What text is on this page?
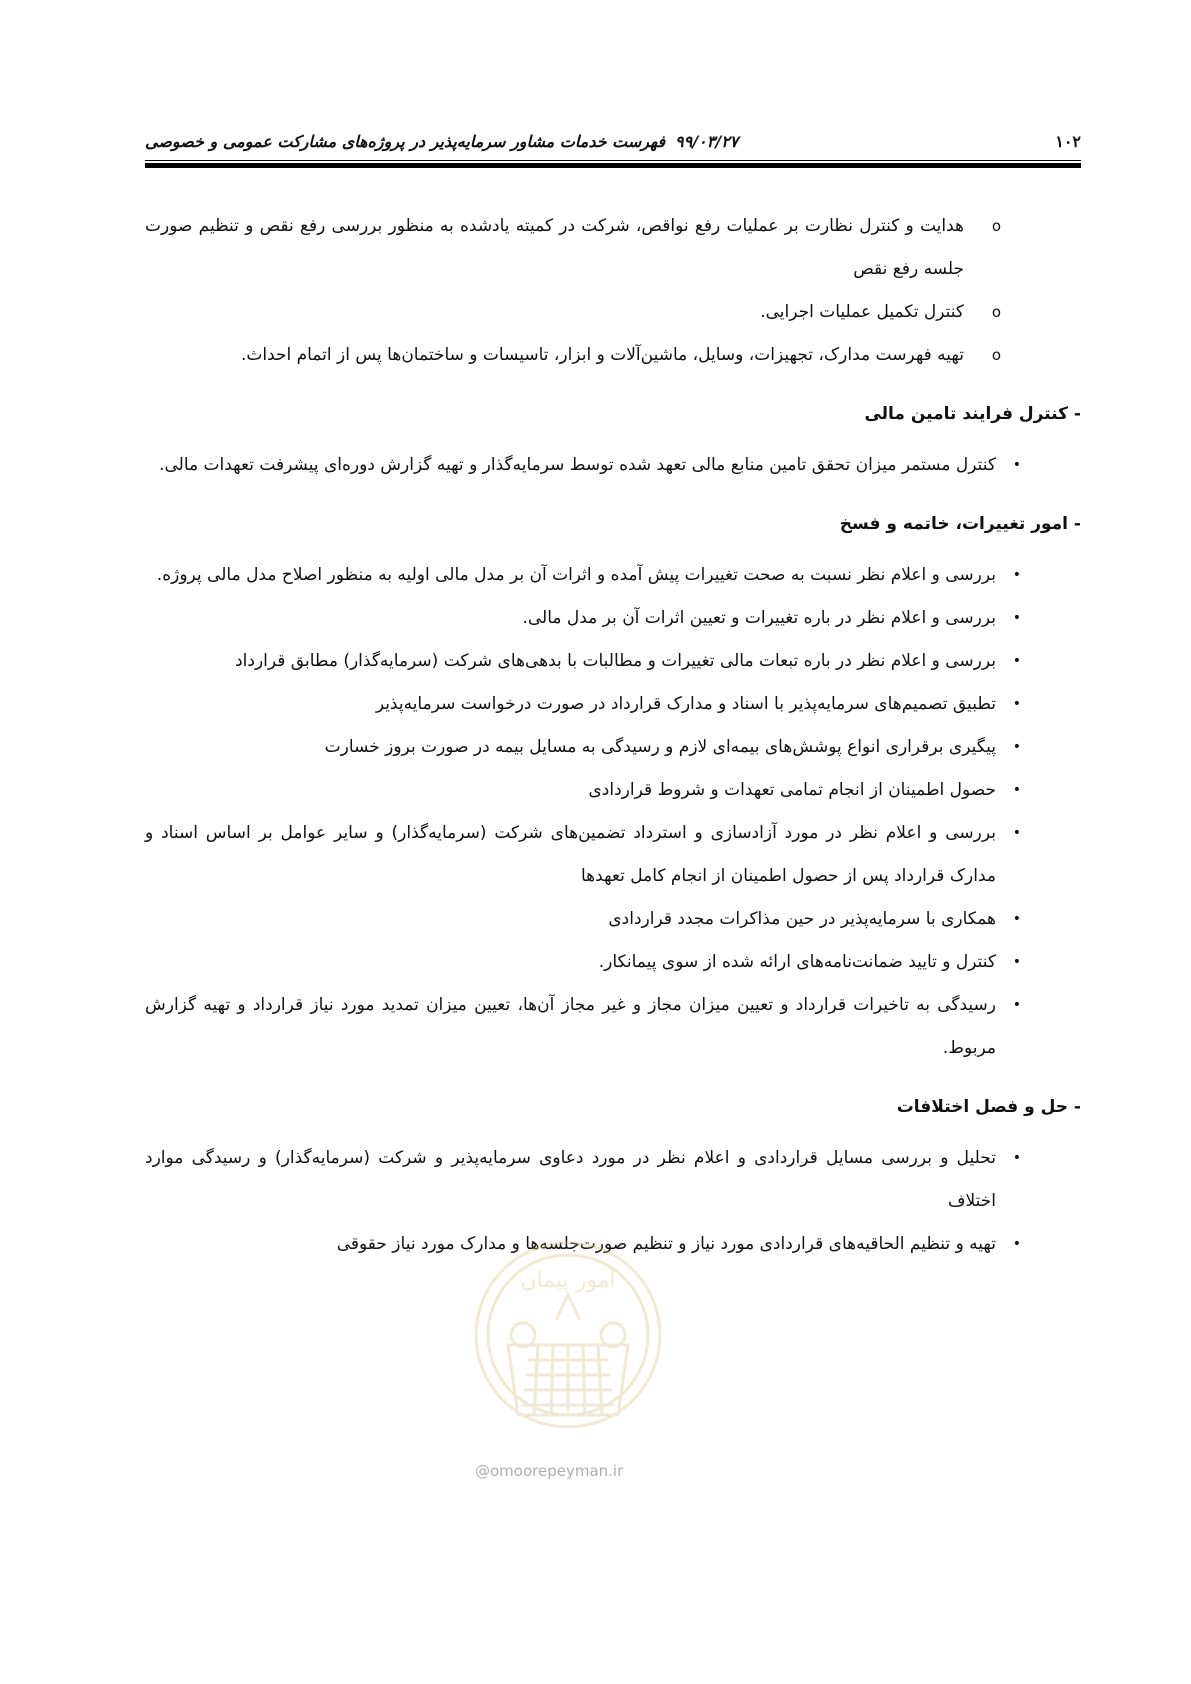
۱۰۲
۹۹/۰۳/۲۷
فهرست خدمات مشاور سرمایه‌پذیر در پروژه‌های مشارکت عمومی و خصوصی
o
هدایت و کنترل نظارت بر عملیات رفع نواقص، شرکت در کمیته یادشده به منظور بررسی رفع نقص و تنظیم صورت جلسه رفع نقص
o
کنترل تکمیل عملیات اجرایی.
o
تهیه فهرست مدارک، تجهیزات، وسایل، ماشین‌آلات و ابزار، تاسیسات و ساختمان‌ها پس از اتمام احداث.
- کنترل فرایند تامین مالی
•
کنترل مستمر میزان تحقق تامین منابع مالی تعهد شده توسط سرمایه‌گذار و تهیه گزارش دوره‌ای پیشرفت تعهدات مالی.
- امور تغییرات، خاتمه و فسخ
•
بررسی و اعلام نظر نسبت به صحت تغییرات پیش آمده و اثرات آن بر مدل مالی اولیه به منظور اصلاح مدل مالی پروژه.
•
بررسی و اعلام نظر در باره تغییرات و تعیین اثرات آن بر مدل مالی.
•
بررسی و اعلام نظر در باره تبعات مالی تغییرات و مطالبات با بدهی‌های شرکت (سرمایه‌گذار) مطابق قرارداد
•
تطبیق تصمیم‌های سرمایه‌پذیر با اسناد و مدارک قرارداد در صورت درخواست سرمایه‌پذیر
•
پیگیری برقراری انواع پوشش‌های بیمه‌ای لازم و رسیدگی به مسایل بیمه در صورت بروز خسارت
•
حصول اطمینان از انجام تمامی تعهدات و شروط قراردادی
•
بررسی و اعلام نظر در مورد آزادسازی و استرداد تضمین‌های شرکت (سرمایه‌گذار) و سایر عوامل بر اساس اسناد و مدارک قرارداد پس از حصول اطمینان از انجام کامل تعهدها
•
همکاری با سرمایه‌پذیر در حین مذاکرات مجدد قراردادی
•
کنترل و تایید ضمانت‌نامه‌های ارائه شده از سوی پیمانکار.
•
رسیدگی به تاخیرات قرارداد و تعیین میزان مجاز و غیر مجاز آن‌ها، تعیین میزان تمدید مورد نیاز قرارداد و تهیه گزارش مربوط.
- حل و فصل اختلافات
•
تحلیل و بررسی مسایل قراردادی و اعلام نظر در مورد دعاوی سرمایه‌پذیر و شرکت (سرمایه‌گذار) و رسیدگی موارد اختلاف
•
تهیه و تنظیم الحاقیه‌های قراردادی مورد نیاز و تنظیم صورت‌جلسه‌ها و مدارک مورد نیاز حقوقی
امور پیمان
@omoorepeyman.ir
